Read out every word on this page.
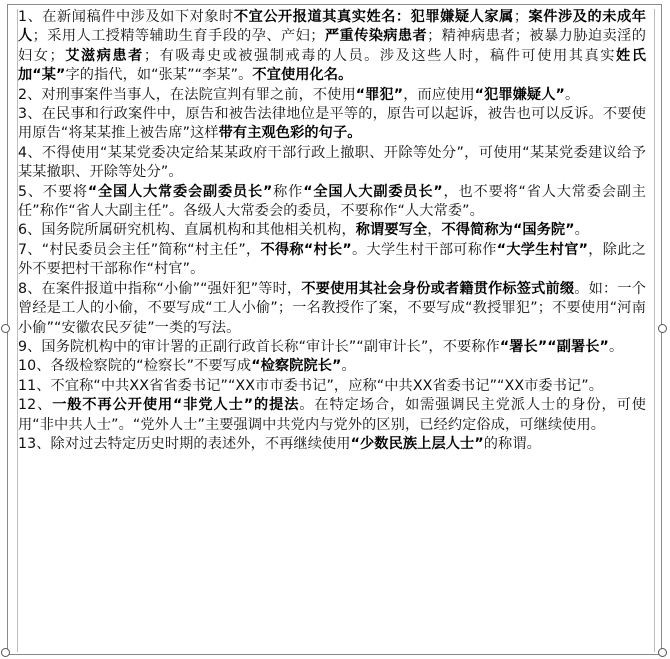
1、在新闻稿件中涉及如下对象时不宜公开报道其真实姓名：犯罪嫌疑人家属；案件涉及的未成年人；采用人工授精等辅助生育手段的孕、产妇；严重传染病患者；精神病患者；被暴力胁迫卖淫的妇女；艾滋病患者；有吸毒史或被强制戒毒的人员。涉及这些人时，稿件可使用其真实姓氏加“某”字的指代，如“张某”“李某”。不宜使用化名。

2、对刑事案件当事人，在法院宣判有罪之前，不使用“罪犯”，而应使用“犯罪嫌疑人”。

3、在民事和行政案件中，原告和被告法律地位是平等的，原告可以起诉，被告也可以反诉。不要使用原告“将某某推上被告席”这样带有主观色彩的句子。

4、不得使用“某某党委决定给某某政府干部行政上撤职、开除等处分”，可使用“某某党委建议给予某某撤职、开除等处分”。

5、不要将“全国人大常委会副委员长”称作“全国人大副委员长”，也不要将“省人大常委会副主任”称作“省人大副主任”。各级人大常委会的委员，不要称作“人大常委”。

6、国务院所属研究机构、直属机构和其他相关机构，称谓要写全，不得简称为“国务院”。

7、“村民委员会主任”简称“村主任”，不得称“村长”。大学生村干部可称作“大学生村官”，除此之外不要把村干部称作“村官”。

8、在案件报道中指称“小偷”“强奸犯”等时，不要使用其社会身份或者籍贯作标签式前缀。如：一个曾经是工人的小偷，不要写成“工人小偷”；一名教授作了案，不要写成“教授罪犯”；不要使用“河南小偷”“安徽农民歹徒”一类的写法。

9、国务院机构中的审计署的正副行政首长称“审计长”“副审计长”，不要称作“署长”“副署长”。

10、各级检察院的“检察长”不要写成“检察院院长”。

11、不宜称“中共XX省省委书记”“XX市市委书记”，应称“中共XX省委书记”“XX市委书记”。

12、一般不再公开使用“非党人士”的提法。在特定场合，如需强调民主党派人士的身份，可使用“非中共人士”。“党外人士”主要强调中共党内与党外的区别，已经约定俗成，可继续使用。

13、除对过去特定历史时期的表述外，不再继续使用“少数民族上层人士”的称谓。
